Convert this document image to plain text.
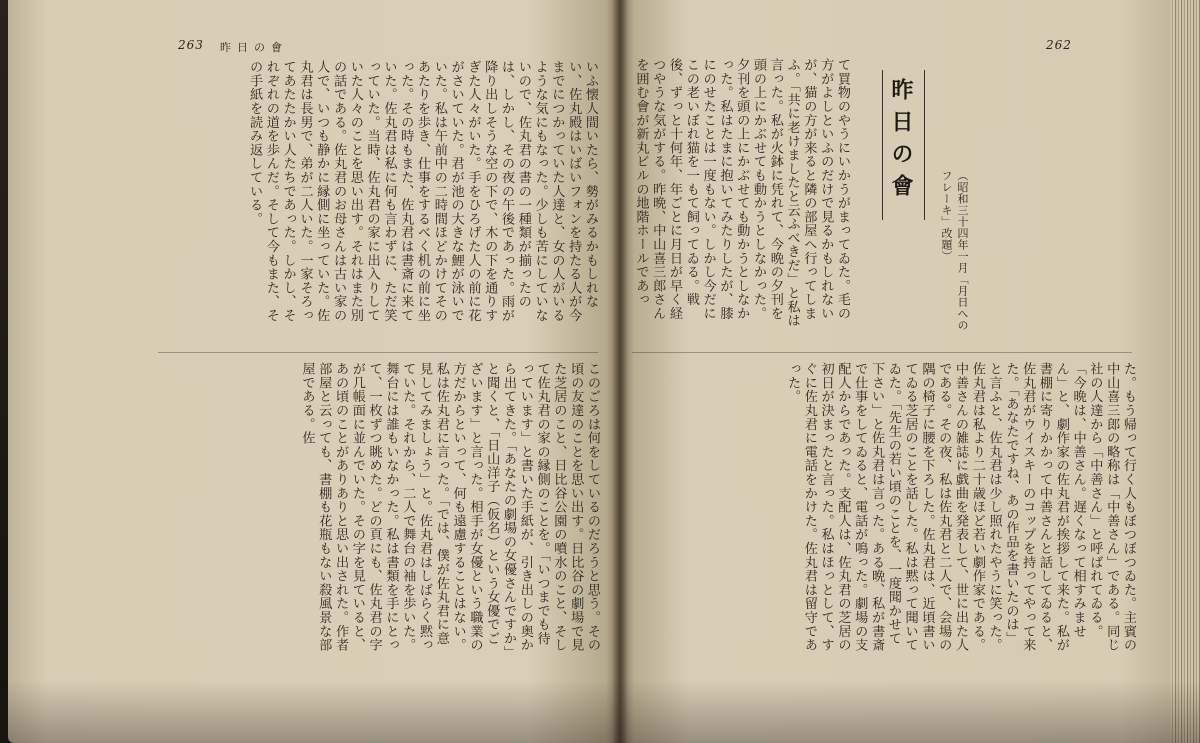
263 昨日の會

いふ懐人間いたら、勢がみるかもしれない、佐丸殿はいばいフォンを持たる人が今までにつかっていた人達と、女の人がいるような気にもなった。少しも苦にしていないので、佐丸君の書の一種類が揃ったのは、しかし、その夜の午後であった。雨が降り出しそうな空の下で、木の下を通りすぎた人々がいた。手をひろげた人の前に花がさいていた。君が池の大きな鯉が泳いでいた。私は午前中の二時間ほどかけてそのあたりを歩き、仕事をするべく机の前に坐った。その時もまた、佐丸君は書斎に来ていた。佐丸君は私に何も言わずに、ただ笑っていた。当時、佐丸君の家に出入りしていた人々のことを思い出す。それはまた別の話である。佐丸君のお母さんは古い家の人で、いつも静かに縁側に坐っていた。佐丸君は長男で、弟が二人いた。一家そろってあたたかい人たちであった。しかし、それぞれの道を歩んだ。そして今もまた、その手紙を読み返している。

このごろは何をしているのだろうと思う。その頃の友達のことを思い出す。日比谷の劇場で見た芝居のこと、日比谷公園の噴水のこと、そして佐丸君の家の縁側のことを。「いつまでも待っています」と書いた手紙が、引き出しの奥から出てきた。「あなたの劇場の女優さんですか」と聞くと、「日山洋子（仮名）という女優でございます」と言った。相手が女優という職業の方だからといって、何も遠慮することはない。私は佐丸君に言った。「では、僕が佐丸君に意見してみましょう」と。佐丸君はしばらく黙っていた。それから、二人で舞台の袖を歩いた。舞台には誰もいなかった。私は書類を手にとって、一枚ずつ眺めた。どの頁にも、佐丸君の字が几帳面に並んでいた。その字を見ていると、あの頃のことがありありと思い出された。作者部屋と云っても、書棚も花瓶もない殺風景な部屋である。佐

262

て買物のやうにいかうがまってゐた。毛の方がよしといふのだけで見るかもしれないが、猫の方が来ると隣の部屋へ行ってしまふ。「共に老けましたと云ふべきだ」と私は言った。私が火鉢に凭れて、今晩の夕刊を頭の上にかぶせても動かうとしなかった。夕刊を頭の上にかぶせても動かうとしなかった。私はたまに抱いてみたりしたが、膝にのせたことは一度もない。しかし今だにこの老いぼれ猫を一もて飼ってゐる。戦後、ずっと十何年、年ごとに月日が早く経つやうな気がする。昨晩、中山喜三郎さんを囲む會が新丸ビルの地階ホールであっ

昨日の會
（昭和三十四年一月「月日へのフレーキ」改題）

た。もう帰って行く人もぼつぼつゐた。主賓の中山喜三郎の略称は「中善さん」である。同じ社の人達から「中善さん」と呼ばれてゐる。「今晩は、中善さん。遅くなって相すみません」と、劇作家の佐丸君が挨拶して来た。私が書棚に寄りかかって中善さんと話してゐると、佐丸君がウイスキーのコップを持ってやって来た。「あなたですね、あの作品を書いたのは」と言ふと、佐丸君は少し照れたやうに笑った。佐丸君は私より二十歳ほど若い劇作家である。中善さんの雑誌に戯曲を発表して、世に出た人である。その夜、私は佐丸君と二人で、会場の隅の椅子に腰を下ろした。佐丸君は、近頃書いてゐる芝居のことを話した。私は黙って聞いてゐた。「先生の若い頃のことを、一度聞かせて下さい」と佐丸君は言った。ある晩、私が書斎で仕事をしてゐると、電話が鳴った。劇場の支配人からであった。支配人は、佐丸君の芝居の初日が決まったと言った。私はほっとして、すぐに佐丸君に電話をかけた。佐丸君は留守であった。
